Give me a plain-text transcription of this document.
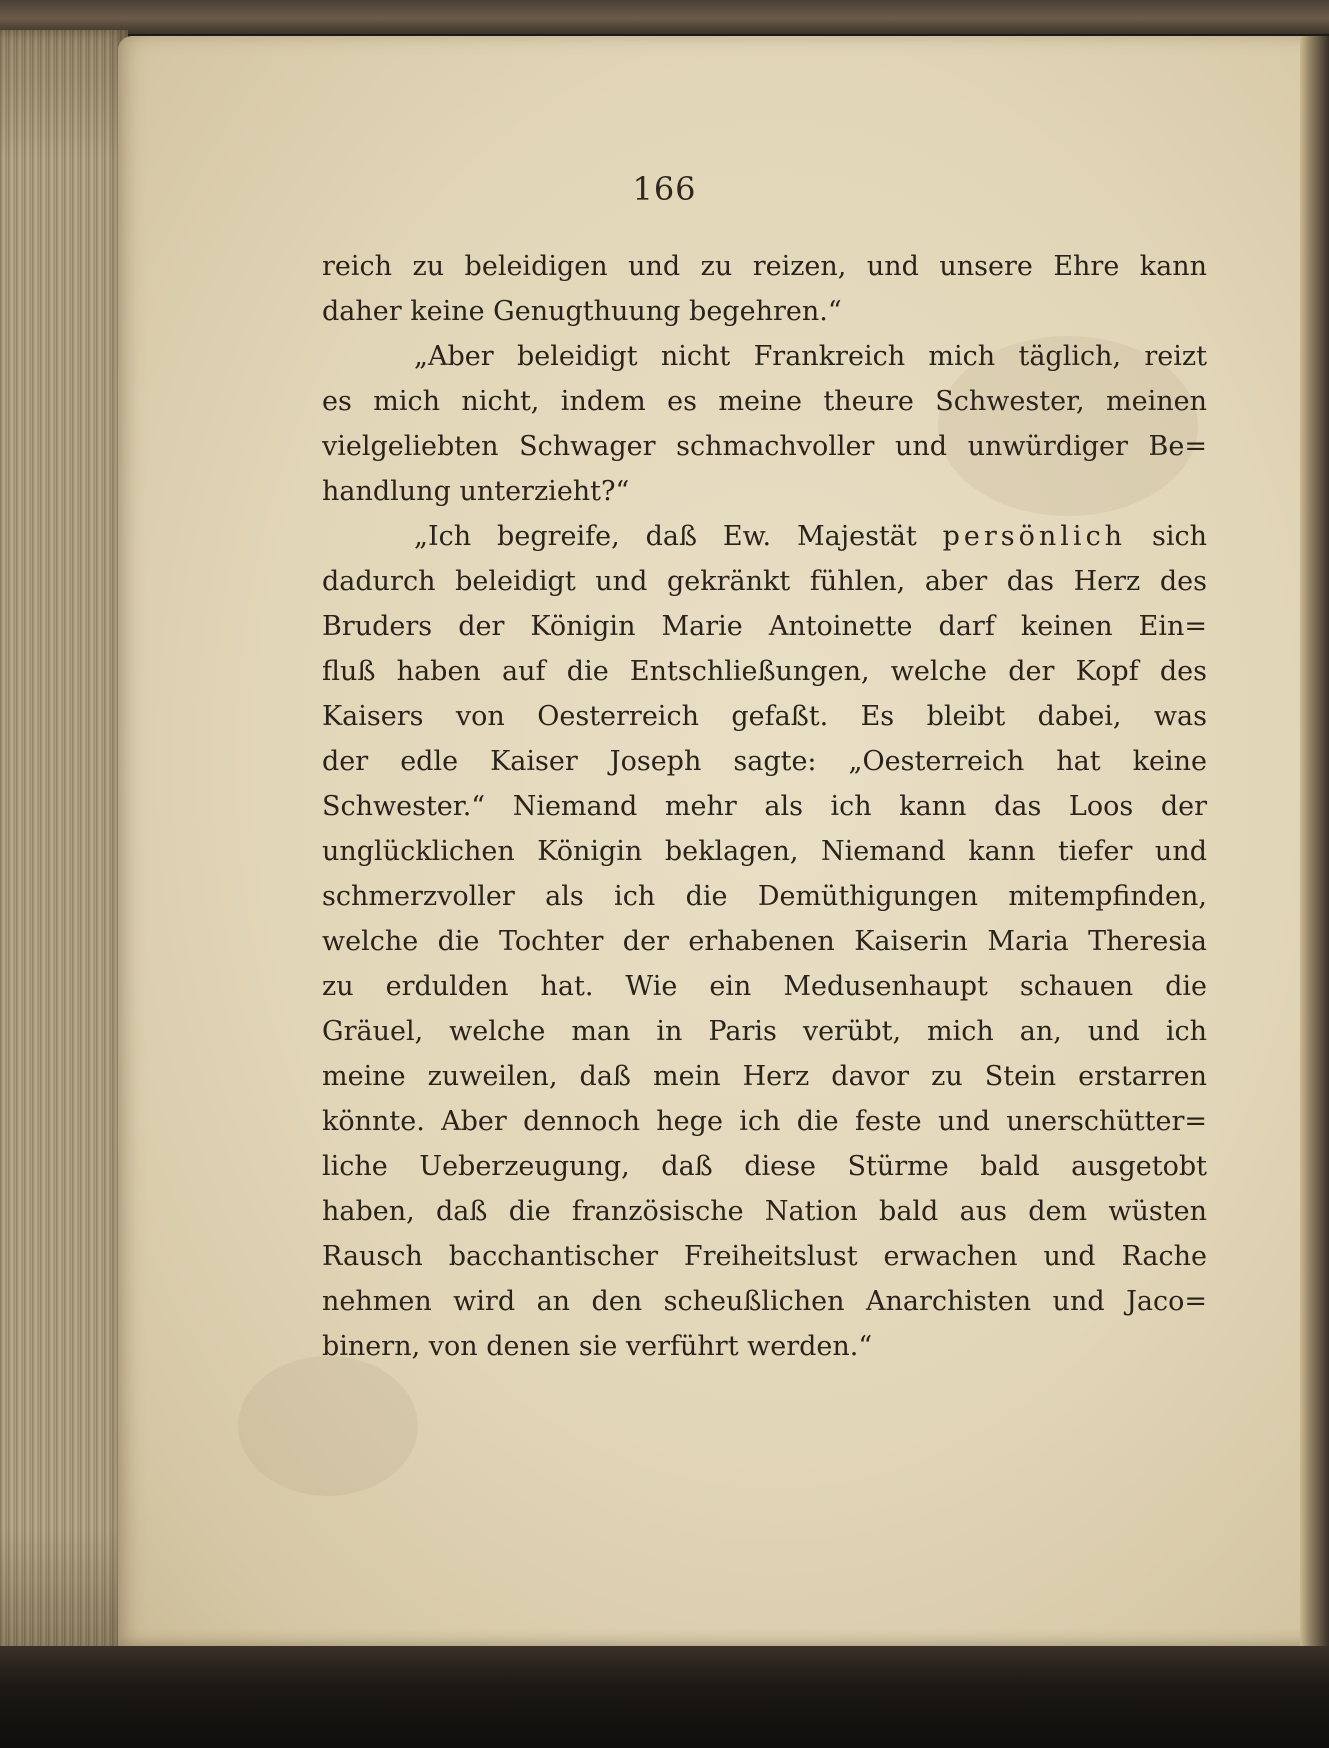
166
reich zu beleidigen und zu reizen, und unsere Ehre kann
daher keine Genugthuung begehren.“
„Aber beleidigt nicht Frankreich mich täglich, reizt
es mich nicht, indem es meine theure Schwester, meinen
vielgeliebten Schwager schmachvoller und unwürdiger Be=
handlung unterzieht?“
„Ich begreife, daß Ew. Majestät persönlich sich
dadurch beleidigt und gekränkt fühlen, aber das Herz des
Bruders der Königin Marie Antoinette darf keinen Ein=
fluß haben auf die Entschließungen, welche der Kopf des
Kaisers von Oesterreich gefaßt. Es bleibt dabei, was
der edle Kaiser Joseph sagte: „Oesterreich hat keine
Schwester.“ Niemand mehr als ich kann das Loos der
unglücklichen Königin beklagen, Niemand kann tiefer und
schmerzvoller als ich die Demüthigungen mitempfinden,
welche die Tochter der erhabenen Kaiserin Maria Theresia
zu erdulden hat. Wie ein Medusenhaupt schauen die
Gräuel, welche man in Paris verübt, mich an, und ich
meine zuweilen, daß mein Herz davor zu Stein erstarren
könnte. Aber dennoch hege ich die feste und unerschütter=
liche Ueberzeugung, daß diese Stürme bald ausgetobt
haben, daß die französische Nation bald aus dem wüsten
Rausch bacchantischer Freiheitslust erwachen und Rache
nehmen wird an den scheußlichen Anarchisten und Jaco=
binern, von denen sie verführt werden.“
